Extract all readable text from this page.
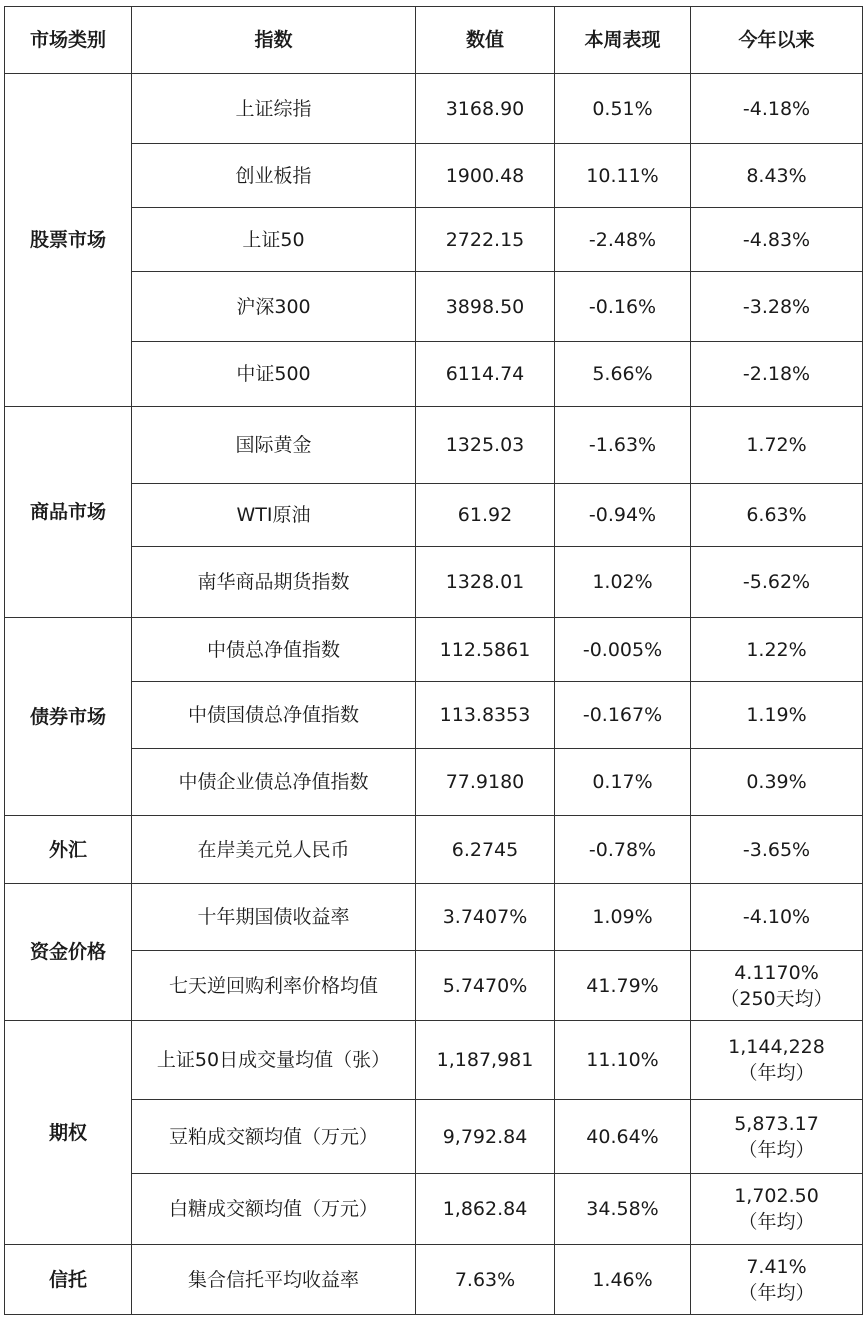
市场类别	指数	数值	本周表现	今年以来
股票市场	上证综指	3168.90	0.51%	-4.18%

	创业板指	1900.48	10.11%	8.43%

	上证50	2722.15	-2.48%	-4.83%

	沪深300	3898.50	-0.16%	-3.28%

	中证500	6114.74	5.66%	-2.18%

商品市场	国际黄金	1325.03	-1.63%	1.72%

	WTI原油	61.92	-0.94%	6.63%

	南华商品期货指数	1328.01	1.02%	-5.62%

债券市场	中债总净值指数	112.5861	-0.005%	1.22%

	中债国债总净值指数	113.8353	-0.167%	1.19%

	中债企业债总净值指数	77.9180	0.17%	0.39%

外汇	在岸美元兑人民币	6.2745	-0.78%	-3.65%

资金价格	十年期国债收益率	3.7407%	1.09%	-4.10%

	七天逆回购利率价格均值	5.7470%	41.79%	4.1170%
（250天均）

期权	上证50日成交量均值（张）	1,187,981	11.10%	1,144,228
（年均）

	豆粕成交额均值（万元）	9,792.84	40.64%	5,873.17
（年均）

	白糖成交额均值（万元）	1,862.84	34.58%	1,702.50
（年均）

信托	集合信托平均收益率	7.63%	1.46%	7.41%
（年均）
